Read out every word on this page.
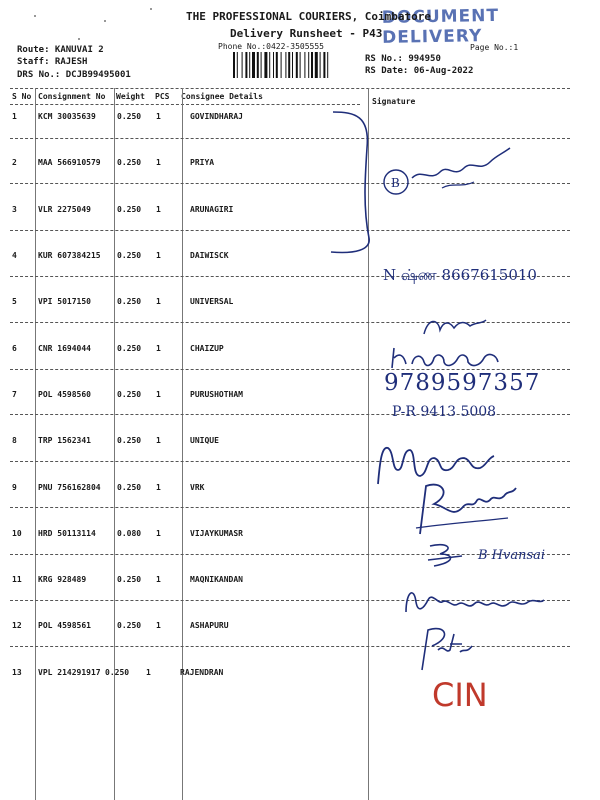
DOCUMENT DELIVERY
THE PROFESSIONAL COURIERS, Coimbatore
Delivery Runsheet - P43
Phone No.:0422-3505555
Route: KANUVAI 2
Staff: RAJESH
DRS No.: DCJB99495001
Page No.:1
RS No.: 994950
RS Date: 06-Aug-2022
S No Consignment No Weight PCS Consignee Details
Signature
1	KCM 30035639	0.250 1	GOVINDHARAJ
2	MAA 566910579 0.250 1	PRIYA
3	VLR 2275049	0.250 1	ARUNAGIRI
4	KUR 607384215 0.250 1	DAIWISCK
5	VPI 5017150	0.250 1	UNIVERSAL
6	CNR 1694044	0.250 1	CHAIZUP
7	POL 4598560	0.250 1	PURUSHOTHAM
8	TRP 1562341	0.250 1	UNIQUE
9	PNU 756162804 0.250 1	VRK
10 HRD 50113114	0.080 1	VIJAYKUMASR
11 KRG 928489	0.250 1	MAQNIKANDAN
12 POL 4598561	0.250 1	ASHAPURU
13 VPL 214291917 0.250 1	RAJENDRAN
B
N ஷ்ண 8667615010
9789597357
P-R 9413 5008
B Hvansai
CIN
